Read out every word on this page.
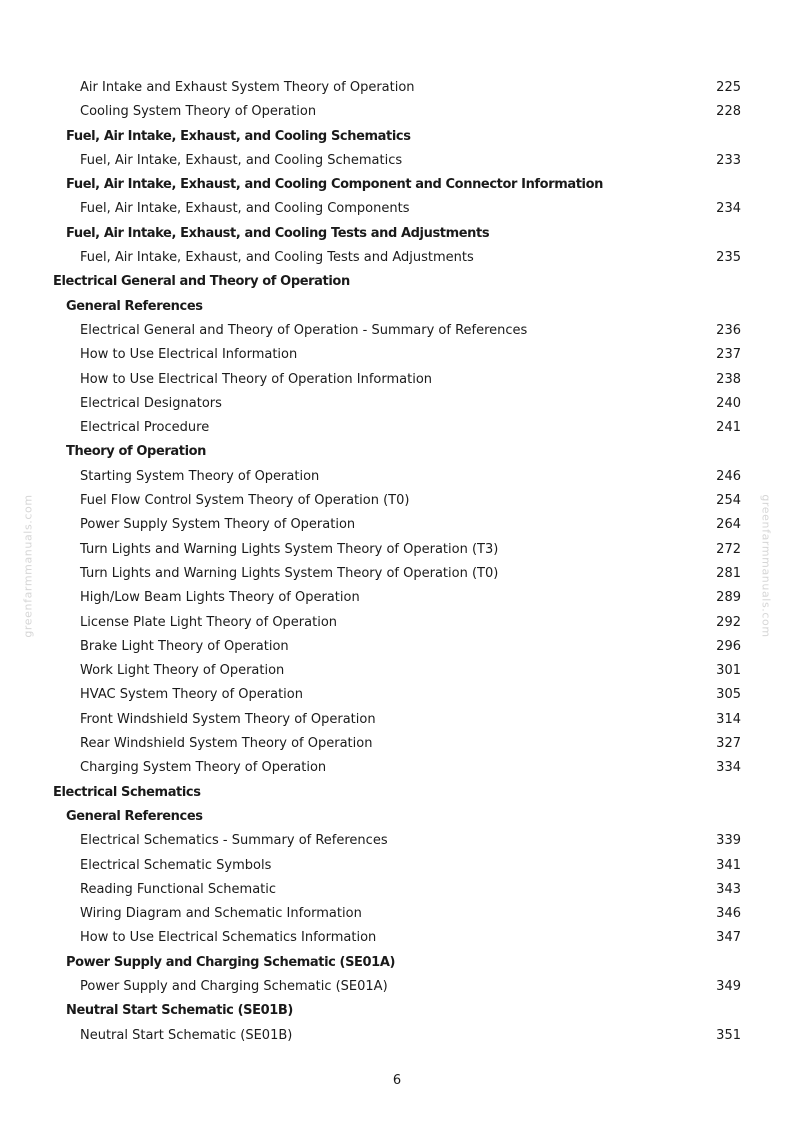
greenfarmmanuals.com	greenfarmmanuals.com
Air Intake and Exhaust System Theory of Operation	225
Cooling System Theory of Operation	228
Fuel, Air Intake, Exhaust, and Cooling Schematics
Fuel, Air Intake, Exhaust, and Cooling Schematics	233
Fuel, Air Intake, Exhaust, and Cooling Component and Connector Information
Fuel, Air Intake, Exhaust, and Cooling Components	234
Fuel, Air Intake, Exhaust, and Cooling Tests and Adjustments
Fuel, Air Intake, Exhaust, and Cooling Tests and Adjustments	235
Electrical General and Theory of Operation
General References
Electrical General and Theory of Operation - Summary of References	236
How to Use Electrical Information	237
How to Use Electrical Theory of Operation Information	238
Electrical Designators	240
Electrical Procedure	241
Theory of Operation
Starting System Theory of Operation	246
Fuel Flow Control System Theory of Operation (T0)	254
Power Supply System Theory of Operation	264
Turn Lights and Warning Lights System Theory of Operation (T3)	272
Turn Lights and Warning Lights System Theory of Operation (T0)	281
High/Low Beam Lights Theory of Operation	289
License Plate Light Theory of Operation	292
Brake Light Theory of Operation	296
Work Light Theory of Operation	301
HVAC System Theory of Operation	305
Front Windshield System Theory of Operation	314
Rear Windshield System Theory of Operation	327
Charging System Theory of Operation	334
Electrical Schematics
General References
Electrical Schematics - Summary of References	339
Electrical Schematic Symbols	341
Reading Functional Schematic	343
Wiring Diagram and Schematic Information	346
How to Use Electrical Schematics Information	347
Power Supply and Charging Schematic (SE01A)
Power Supply and Charging Schematic (SE01A)	349
Neutral Start Schematic (SE01B)
Neutral Start Schematic (SE01B)	351
6
